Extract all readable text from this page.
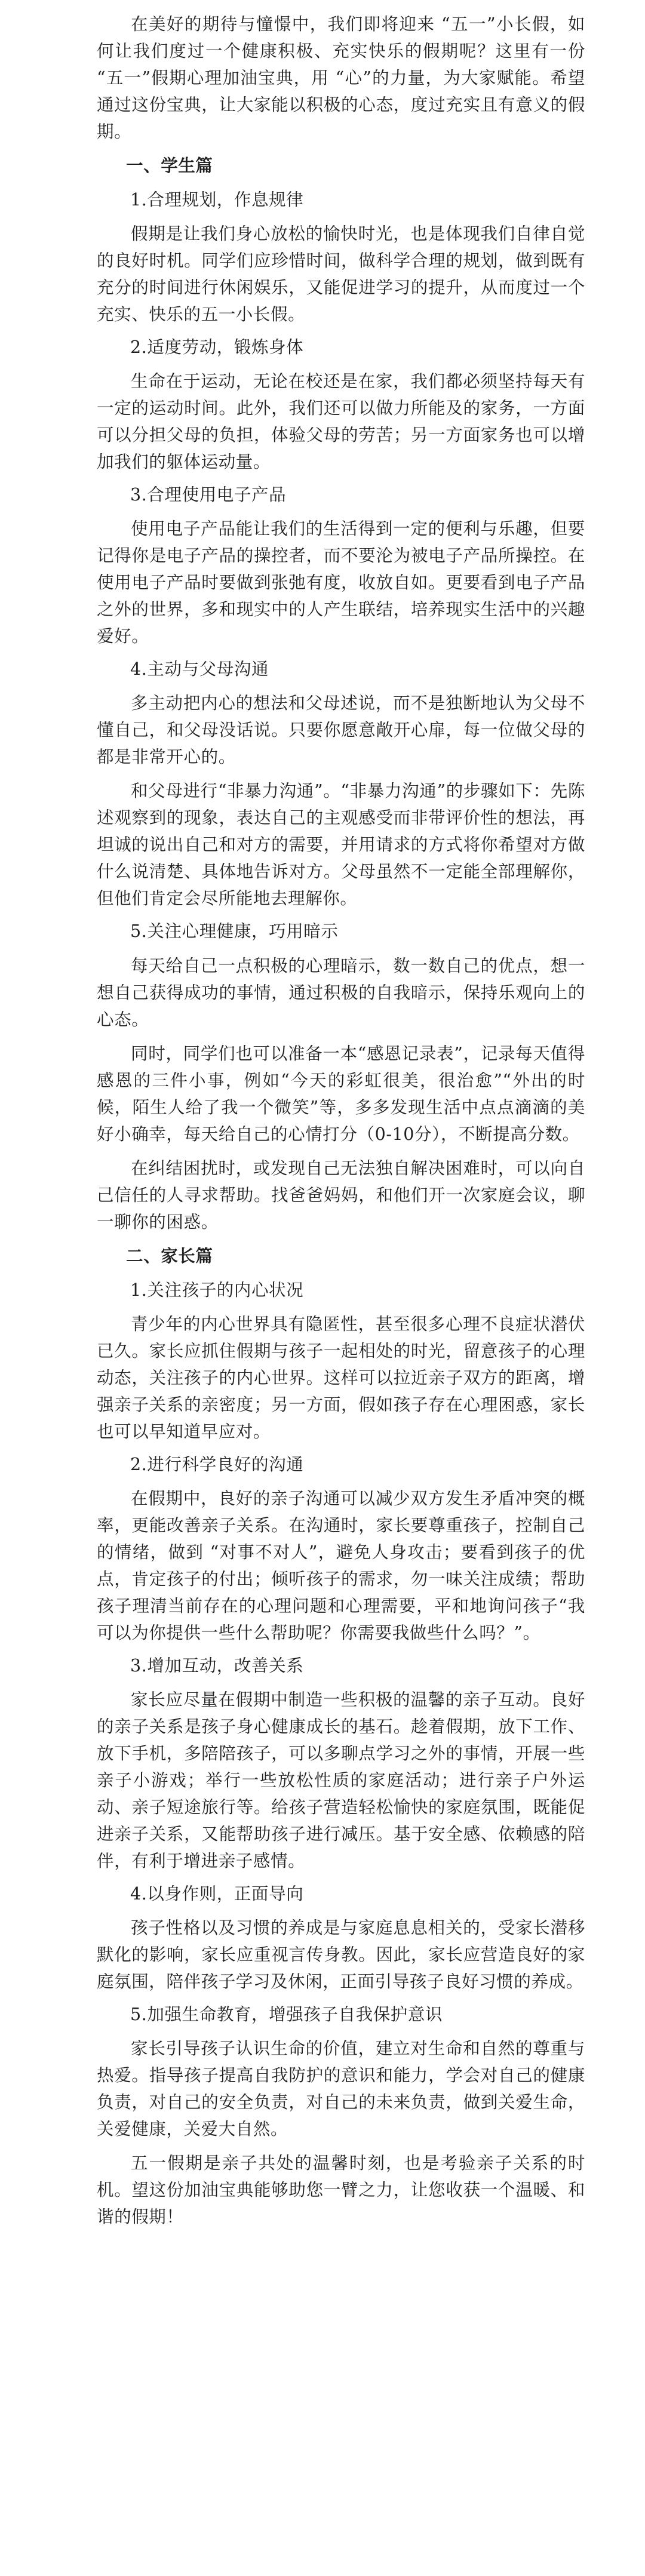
在美好的期待与憧憬中，我们即将迎来 “五一”小长假，如何让我们度过一个健康积极、充实快乐的假期呢？这里有一份 “五一”假期心理加油宝典，用 “心”的力量，为大家赋能。希望通过这份宝典，让大家能以积极的心态，度过充实且有意义的假期。

一、学生篇

1.合理规划，作息规律

假期是让我们身心放松的愉快时光，也是体现我们自律自觉的良好时机。同学们应珍惜时间，做科学合理的规划，做到既有充分的时间进行休闲娱乐，又能促进学习的提升，从而度过一个充实、快乐的五一小长假。

2.适度劳动，锻炼身体

生命在于运动，无论在校还是在家，我们都必须坚持每天有一定的运动时间。此外，我们还可以做力所能及的家务，一方面可以分担父母的负担，体验父母的劳苦；另一方面家务也可以增加我们的躯体运动量。

3.合理使用电子产品

使用电子产品能让我们的生活得到一定的便利与乐趣，但要记得你是电子产品的操控者，而不要沦为被电子产品所操控。在使用电子产品时要做到张弛有度，收放自如。更要看到电子产品之外的世界，多和现实中的人产生联结，培养现实生活中的兴趣爱好。

4.主动与父母沟通

多主动把内心的想法和父母述说，而不是独断地认为父母不懂自己，和父母没话说。只要你愿意敞开心扉，每一位做父母的都是非常开心的。

和父母进行“非暴力沟通”。“非暴力沟通”的步骤如下：先陈述观察到的现象，表达自己的主观感受而非带评价性的想法，再坦诚的说出自己和对方的需要，并用请求的方式将你希望对方做什么说清楚、具体地告诉对方。父母虽然不一定能全部理解你，但他们肯定会尽所能地去理解你。

5.关注心理健康，巧用暗示

每天给自己一点积极的心理暗示，数一数自己的优点，想一想自己获得成功的事情，通过积极的自我暗示，保持乐观向上的心态。

同时，同学们也可以准备一本“感恩记录表”，记录每天值得感恩的三件小事，例如“今天的彩虹很美，很治愈”“外出的时候，陌生人给了我一个微笑”等，多多发现生活中点点滴滴的美好小确幸，每天给自己的心情打分（0-10分），不断提高分数。

在纠结困扰时，或发现自己无法独自解决困难时，可以向自己信任的人寻求帮助。找爸爸妈妈，和他们开一次家庭会议，聊一聊你的困惑。

二、家长篇

1.关注孩子的内心状况

青少年的内心世界具有隐匿性，甚至很多心理不良症状潜伏已久。家长应抓住假期与孩子一起相处的时光，留意孩子的心理动态，关注孩子的内心世界。这样可以拉近亲子双方的距离，增强亲子关系的亲密度；另一方面，假如孩子存在心理困惑，家长也可以早知道早应对。

2.进行科学良好的沟通

在假期中，良好的亲子沟通可以减少双方发生矛盾冲突的概率，更能改善亲子关系。在沟通时，家长要尊重孩子，控制自己的情绪，做到 “对事不对人”，避免人身攻击；要看到孩子的优点，肯定孩子的付出；倾听孩子的需求，勿一味关注成绩；帮助孩子理清当前存在的心理问题和心理需要，平和地询问孩子“我可以为你提供一些什么帮助呢？你需要我做些什么吗？”。

3.增加互动，改善关系

家长应尽量在假期中制造一些积极的温馨的亲子互动。良好的亲子关系是孩子身心健康成长的基石。趁着假期，放下工作、放下手机，多陪陪孩子，可以多聊点学习之外的事情，开展一些亲子小游戏；举行一些放松性质的家庭活动；进行亲子户外运动、亲子短途旅行等。给孩子营造轻松愉快的家庭氛围，既能促进亲子关系，又能帮助孩子进行减压。基于安全感、依赖感的陪伴，有利于增进亲子感情。

4.以身作则，正面导向

孩子性格以及习惯的养成是与家庭息息相关的，受家长潜移默化的影响，家长应重视言传身教。因此，家长应营造良好的家庭氛围，陪伴孩子学习及休闲，正面引导孩子良好习惯的养成。

5.加强生命教育，增强孩子自我保护意识

家长引导孩子认识生命的价值，建立对生命和自然的尊重与热爱。指导孩子提高自我防护的意识和能力，学会对自己的健康负责，对自己的安全负责，对自己的未来负责，做到关爱生命，关爱健康，关爱大自然。

五一假期是亲子共处的温馨时刻，也是考验亲子关系的时机。望这份加油宝典能够助您一臂之力，让您收获一个温暖、和谐的假期！
